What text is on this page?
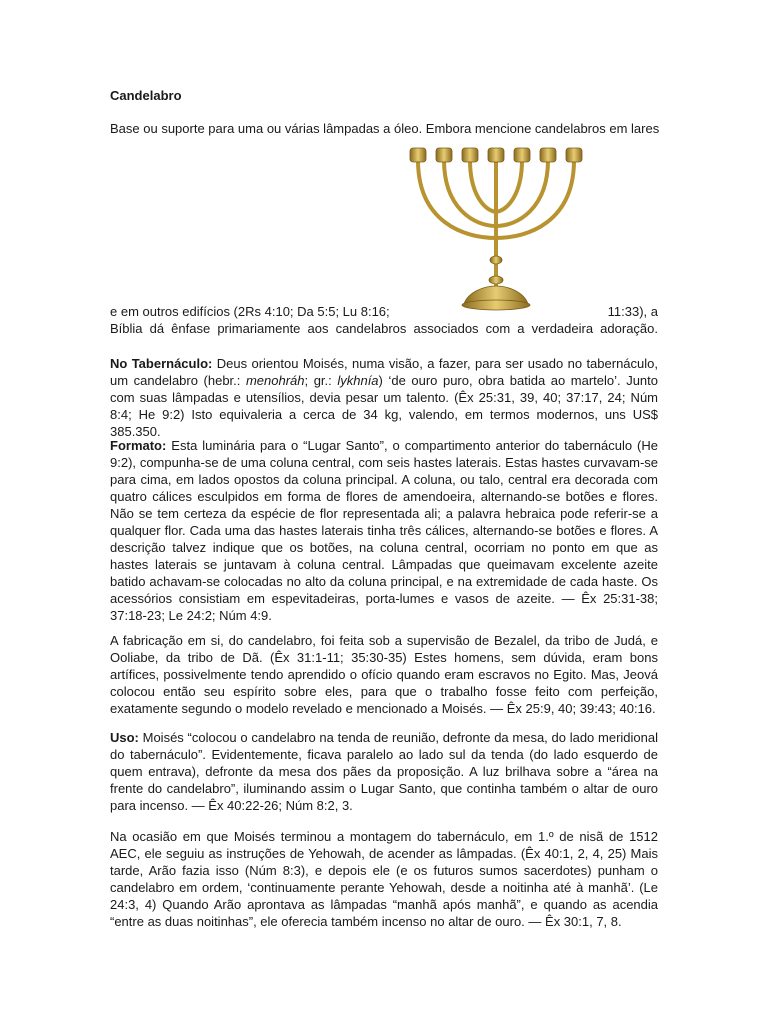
Candelabro
Base ou suporte para uma ou várias lâmpadas a óleo. Embora mencione candelabros em lares
e em outros edifícios (2Rs 4:10; Da 5:5; Lu 8:16;	11:33), a
Bíblia dá ênfase primariamente aos candelabros associados com a verdadeira adoração.
No Tabernáculo: Deus orientou Moisés, numa visão, a fazer, para ser usado no tabernáculo, um candelabro (hebr.: menohráh; gr.: lykhnía) ‘de ouro puro, obra batida ao martelo’. Junto com suas lâmpadas e utensílios, devia pesar um talento. (Êx 25:31, 39, 40; 37:17, 24; Núm 8:4; He 9:2) Isto equivaleria a cerca de 34 kg, valendo, em termos modernos, uns US$ 385.350.
Formato: Esta luminária para o “Lugar Santo”, o compartimento anterior do tabernáculo (He 9:2), compunha-se de uma coluna central, com seis hastes laterais. Estas hastes curvavam-se para cima, em lados opostos da coluna principal. A coluna, ou talo, central era decorada com quatro cálices esculpidos em forma de flores de amendoeira, alternando-se botões e flores. Não se tem certeza da espécie de flor representada ali; a palavra hebraica pode referir-se a qualquer flor. Cada uma das hastes laterais tinha três cálices, alternando-se botões e flores. A descrição talvez indique que os botões, na coluna central, ocorriam no ponto em que as hastes laterais se juntavam à coluna central. Lâmpadas que queimavam excelente azeite batido achavam-se colocadas no alto da coluna principal, e na extremidade de cada haste. Os acessórios consistiam em espevitadeiras, porta-lumes e vasos de azeite. — Êx 25:31-38; 37:18-23; Le 24:2; Núm 4:9.
A fabricação em si, do candelabro, foi feita sob a supervisão de Bezalel, da tribo de Judá, e Ooliabe, da tribo de Dã. (Êx 31:1-11; 35:30-35) Estes homens, sem dúvida, eram bons artífices, possivelmente tendo aprendido o ofício quando eram escravos no Egito. Mas, Jeová colocou então seu espírito sobre eles, para que o trabalho fosse feito com perfeição, exatamente segundo o modelo revelado e mencionado a Moisés. — Êx 25:9, 40; 39:43; 40:16.
Uso: Moisés “colocou o candelabro na tenda de reunião, defronte da mesa, do lado meridional do tabernáculo”. Evidentemente, ficava paralelo ao lado sul da tenda (do lado esquerdo de quem entrava), defronte da mesa dos pães da proposição. A luz brilhava sobre a “área na frente do candelabro”, iluminando assim o Lugar Santo, que continha também o altar de ouro para incenso. — Êx 40:22-26; Núm 8:2, 3.
Na ocasião em que Moisés terminou a montagem do tabernáculo, em 1.º de nisã de 1512 AEC, ele seguiu as instruções de Yehowah, de acender as lâmpadas. (Êx 40:1, 2, 4, 25) Mais tarde, Arão fazia isso (Núm 8:3), e depois ele (e os futuros sumos sacerdotes) punham o candelabro em ordem, ‘continuamente perante Yehowah, desde a noitinha até à manhã’. (Le 24:3, 4) Quando Arão aprontava as lâmpadas “manhã após manhã”, e quando as acendia “entre as duas noitinhas”, ele oferecia também incenso no altar de ouro. — Êx 30:1, 7, 8.
